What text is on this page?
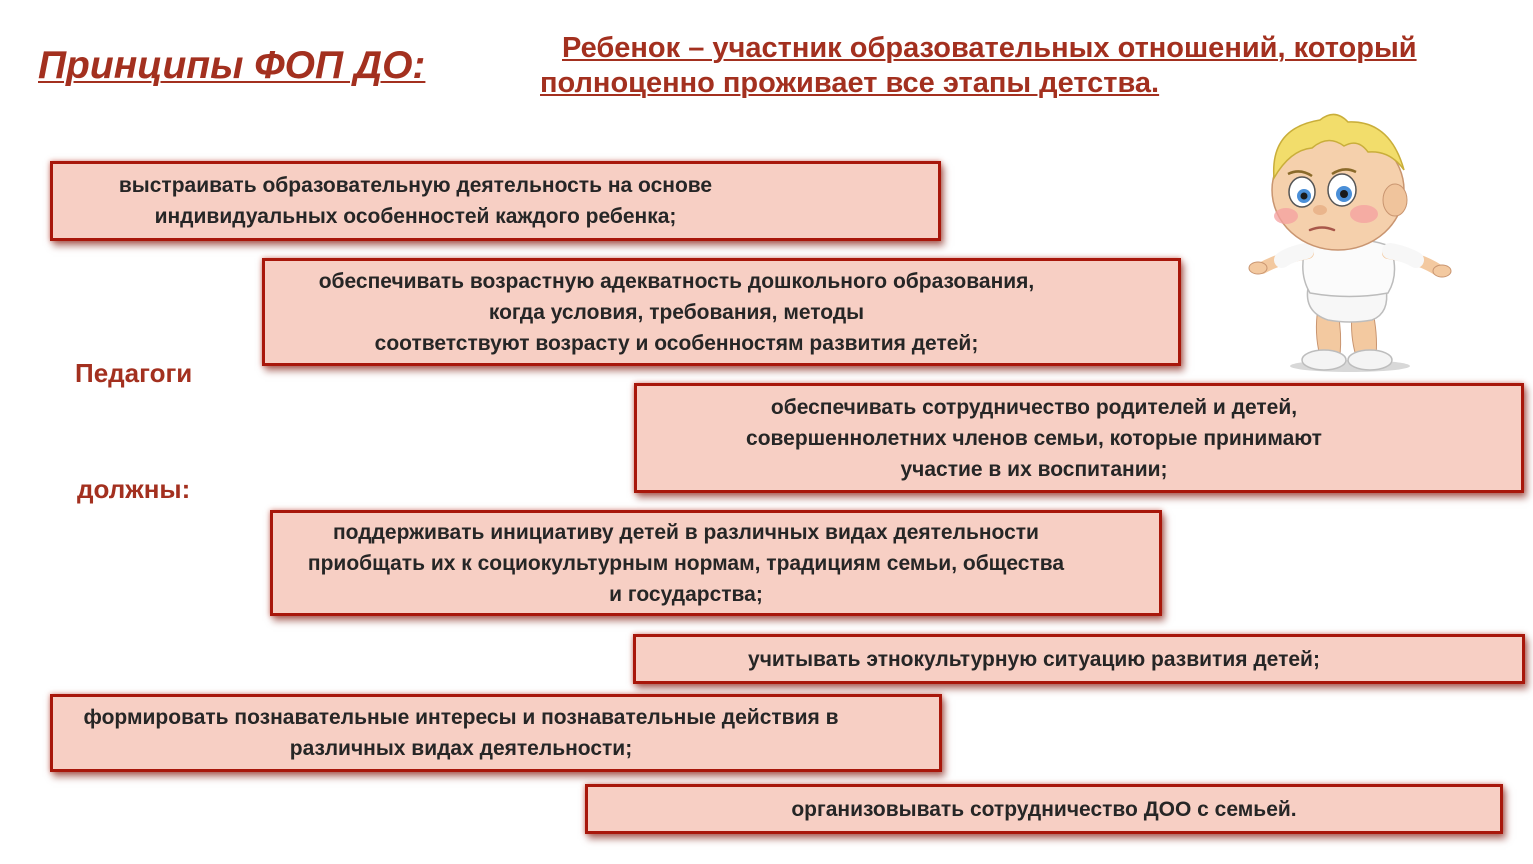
Принципы ФОП ДО:	Ребенок – участник образовательных отношений, который
полноценно проживает все этапы детства.
Педагоги
должны:
выстраивать образовательную деятельность на основе
индивидуальных особенностей каждого ребенка;
обеспечивать возрастную адекватность дошкольного образования,
когда условия, требования, методы
соответствуют возрасту и особенностям развития детей;
обеспечивать сотрудничество родителей и детей,
совершеннолетних членов семьи, которые принимают
участие в их воспитании;
поддерживать инициативу детей в различных видах деятельности
приобщать их к социокультурным нормам, традициям семьи, общества
и государства;
учитывать этнокультурную ситуацию развития детей;
формировать познавательные интересы и познавательные действия в
различных видах деятельности;
организовывать сотрудничество ДОО с семьей.
